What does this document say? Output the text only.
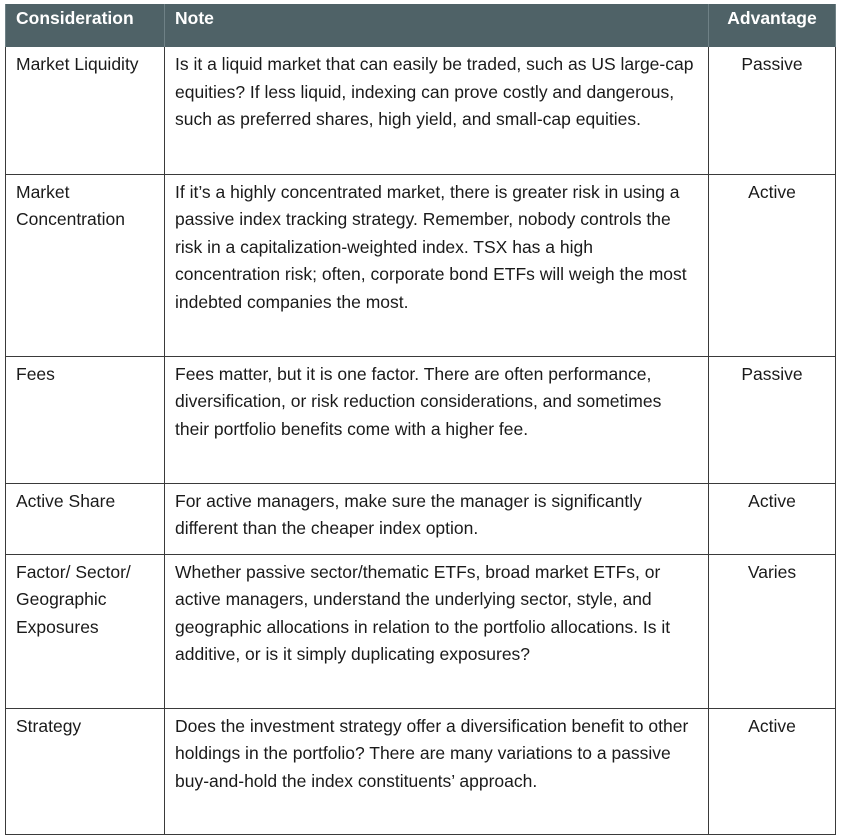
Consideration	Note	Advantage
Market Liquidity	Is it a liquid market that can easily be traded, such as US large-cap equities? If less liquid, indexing can prove costly and dangerous, such as preferred shares, high yield, and small-cap equities.	Passive
Market Concentration	If it’s a highly concentrated market, there is greater risk in using a passive index tracking strategy. Remember, nobody controls the risk in a capitalization-weighted index. TSX has a high concentration risk; often, corporate bond ETFs will weigh the most indebted companies the most.	Active
Fees	Fees matter, but it is one factor. There are often performance, diversification, or risk reduction considerations, and sometimes their portfolio benefits come with a higher fee.	Passive
Active Share	For active managers, make sure the manager is significantly different than the cheaper index option.	Active
Factor/ Sector/ Geographic Exposures	Whether passive sector/thematic ETFs, broad market ETFs, or active managers, understand the underlying sector, style, and geographic allocations in relation to the portfolio allocations. Is it additive, or is it simply duplicating exposures?	Varies
Strategy	Does the investment strategy offer a diversification benefit to other holdings in the portfolio? There are many variations to a passive buy-and-hold the index constituents’ approach.	Active
